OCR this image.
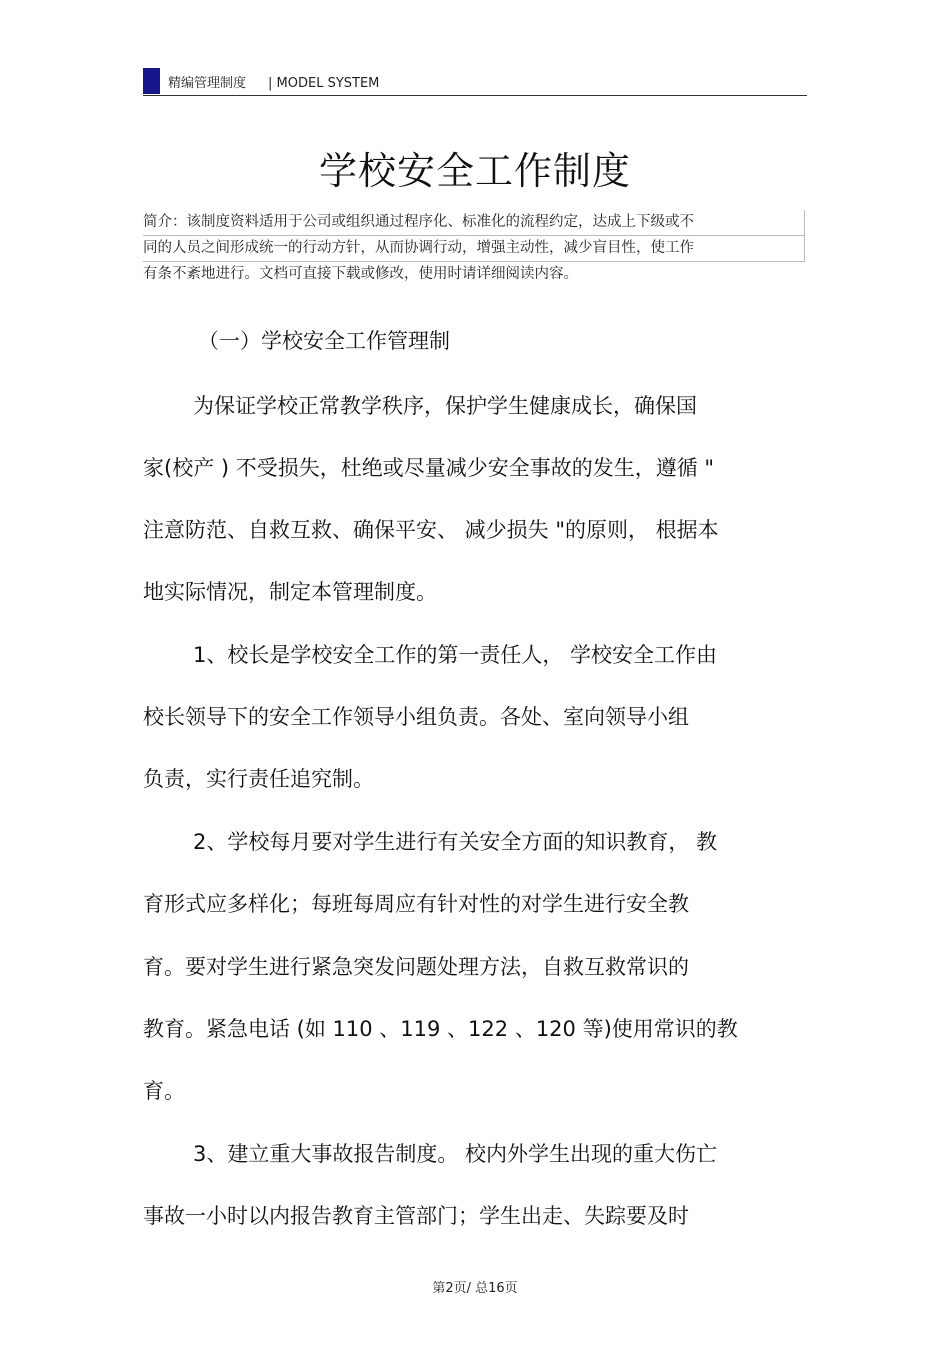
精编管理制度 | MODEL SYSTEM
学校安全工作制度
简介：该制度资料适用于公司或组织通过程序化、标准化的流程约定，达成上下级或不
同的人员之间形成统一的行动方针，从而协调行动，增强主动性，减少盲目性，使工作
有条不紊地进行。文档可直接下载或修改，使用时请详细阅读内容。
（一）学校安全工作管理制
为保证学校正常教学秩序，保护学生健康成长，确保国
家(校产 ) 不受损失，杜绝或尽量减少安全事故的发生，遵循 "
注意防范、自救互救、确保平安、 减少损失 "的原则， 根据本
地实际情况，制定本管理制度。
1、校长是学校安全工作的第一责任人， 学校安全工作由
校长领导下的安全工作领导小组负责。各处、室向领导小组
负责，实行责任追究制。
2、学校每月要对学生进行有关安全方面的知识教育， 教
育形式应多样化；每班每周应有针对性的对学生进行安全教
育。要对学生进行紧急突发问题处理方法，自救互救常识的
教育。紧急电话 (如 110 、119 、122 、120 等)使用常识的教
育。
3、建立重大事故报告制度。 校内外学生出现的重大伤亡
事故一小时以内报告教育主管部门；学生出走、失踪要及时
第2页/ 总16页
